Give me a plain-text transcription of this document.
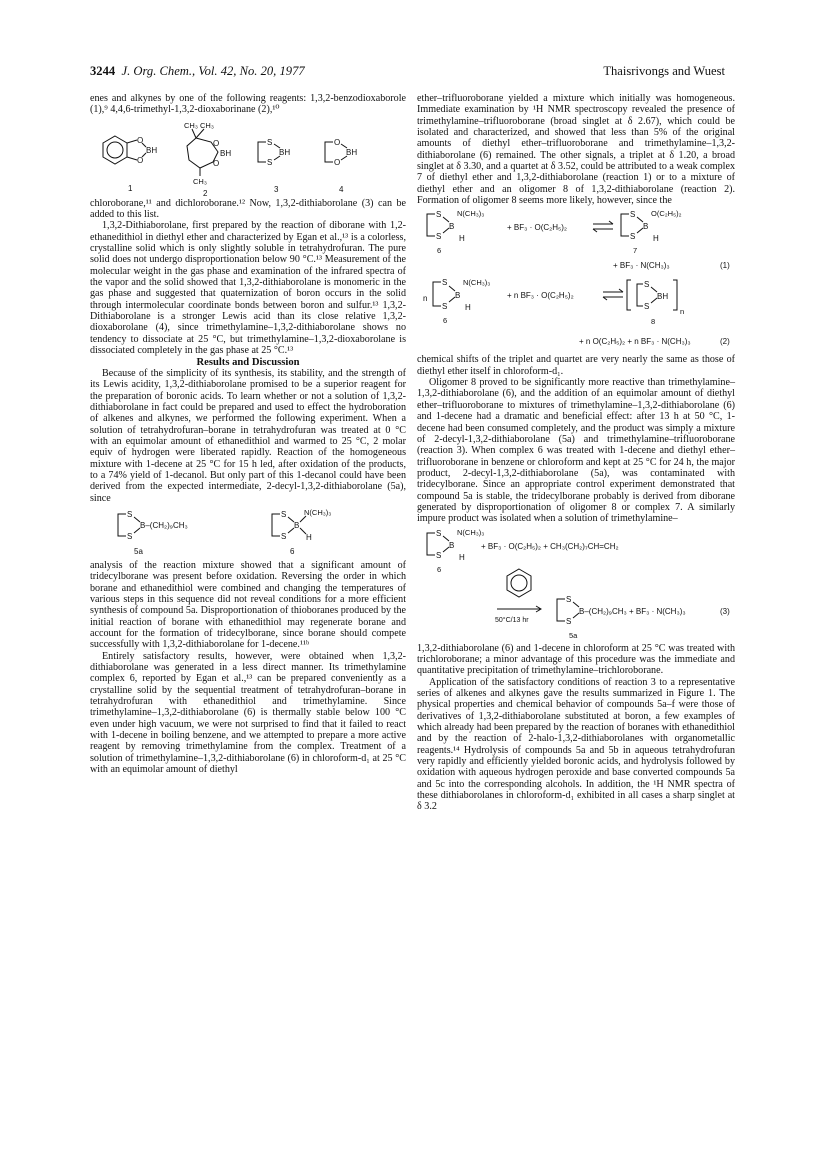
3244 J. Org. Chem., Vol. 42, No. 20, 1977	Thaisrivongs and Wuest

enes and alkynes by one of the following reagents: 1,3,2-benzodioxaborole (1),⁹ 4,4,6-trimethyl-1,3,2-dioxaborinane (2),¹⁰

O
O
BH
1
CH₃ CH₃
O
O
BH
CH₃
2
S
S
BH
3
O
O
BH
4

chloroborane,¹¹ and dichloroborane.¹² Now, 1,3,2-dithiaborolane (3) can be added to this list.

1,3,2-Dithiaborolane, first prepared by the reaction of diborane with 1,2-ethanedithiol in diethyl ether and characterized by Egan et al.,¹³ is a colorless, crystalline solid which is only slightly soluble in tetrahydrofuran. The pure solid does not undergo disproportionation below 90 °C.¹³ Measurement of the molecular weight in the gas phase and examination of the infrared spectra of the vapor and the solid showed that 1,3,2-dithiaborolane is monomeric in the gas phase and suggested that quaternization of boron occurs in the solid through intermolecular coordinate bonds between boron and sulfur.¹³ 1,3,2-Dithiaborolane is a stronger Lewis acid than its close relative 1,3,2-dioxaborolane (4), since trimethylamine–1,3,2-dithiaborolane shows no tendency to dissociate at 25 °C, but trimethylamine–1,3,2-dioxaborolane is dissociated completely in the gas phase at 25 °C.¹³

Results and Discussion

Because of the simplicity of its synthesis, its stability, and the strength of its Lewis acidity, 1,3,2-dithiaborolane promised to be a superior reagent for the preparation of boronic acids. To learn whether or not a solution of 1,3,2-dithiaborolane in fact could be prepared and used to effect the hydroboration of alkenes and alkynes, we performed the following experiment. When a solution of tetrahydrofuran–borane in tetrahydrofuran was treated at 0 °C with an equimolar amount of ethanedithiol and warmed to 25 °C, 2 molar equiv of hydrogen were liberated rapidly. Reaction of the homogeneous mixture with 1-decene at 25 °C for 15 h led, after oxidation of the products, to a 74% yield of 1-decanol. But only part of this 1-decanol could have been derived from the expected intermediate, 2-decyl-1,3,2-dithiaborolane (5a), since

S
S
B–(CH₂)₉CH₃
5a
S
S
B
N(CH₃)₃
H
6

analysis of the reaction mixture showed that a significant amount of tridecylborane was present before oxidation. Reversing the order in which borane and ethanedithiol were combined and changing the temperatures of various steps in this sequence did not reveal conditions for a more efficient synthesis of compound 5a. Disproportionation of thioboranes produced by the initial reaction of borane with ethanedithiol may regenerate borane and account for the formation of tridecylborane, since borane should compete successfully with 1,3,2-dithiaborolane for 1-decene.¹¹ᵇ

Entirely satisfactory results, however, were obtained when 1,3,2-dithiaborolane was generated in a less direct manner. Its trimethylamine complex 6, reported by Egan et al.,¹³ can be prepared conveniently as a crystalline solid by the sequential treatment of tetrahydrofuran–borane in tetrahydrofuran with ethanedithiol and trimethylamine. Since trimethylamine–1,3,2-dithiaborolane (6) is thermally stable below 100 °C even under high vacuum, we were not surprised to find that it failed to react with 1-decene in boiling benzene, and we attempted to prepare a more active reagent by removing trimethylamine from the complex. Treatment of a solution of trimethylamine–1,3,2-dithiaborolane (6) in chloroform-d₁ at 25 °C with an equimolar amount of diethyl

ether–trifluoroborane yielded a mixture which initially was homogeneous. Immediate examination by ¹H NMR spectroscopy revealed the presence of trimethylamine–trifluoroborane (broad singlet at δ 2.67), which could be isolated and characterized, and showed that less than 5% of the original amounts of diethyl ether–trifluoroborane and trimethylamine–1,3,2-dithiaborolane (6) remained. The other signals, a triplet at δ 1.20, a broad singlet at δ 3.30, and a quartet at δ 3.52, could be attributed to a weak complex 7 of diethyl ether and 1,3,2-dithiaborolane (reaction 1) or to a mixture of diethyl ether and an oligomer 8 of 1,3,2-dithiaborolane (reaction 2). Formation of oligomer 8 seems more likely, however, since the

S
S
B
N(CH₃)₃
H
6
+ BF₃ · O(C₂H₅)₂
S
S
B
O(C₂H₅)₂
H
7
+ BF₃ · N(CH₃)₃	(1)
n
S
S
B
N(CH₃)₃
H
6
+ n BF₃ · O(C₂H₅)₂
S
S
BH
n
8
+ n O(C₂H₅)₂ + n BF₃ · N(CH₃)₃	(2)

chemical shifts of the triplet and quartet are very nearly the same as those of diethyl ether itself in chloroform-d₁.

Oligomer 8 proved to be significantly more reactive than trimethylamine–1,3,2-dithiaborolane (6), and the addition of an equimolar amount of diethyl ether–trifluoroborane to mixtures of trimethylamine–1,3,2-dithiaborolane (6) and 1-decene had a dramatic and beneficial effect: after 13 h at 50 °C, 1-decene had been consumed completely, and the product was simply a mixture of 2-decyl-1,3,2-dithiaborolane (5a) and trimethylamine–trifluoroborane (reaction 3). When complex 6 was treated with 1-decene and diethyl ether–trifluoroborane in benzene or chloroform and kept at 25 °C for 24 h, the major product, 2-decyl-1,3,2-dithiaborolane (5a), was contaminated with tridecylborane. Since an appropriate control experiment demonstrated that compound 5a is stable, the tridecylborane probably is derived from diborane generated by disproportionation of oligomer 8 or complex 7. A similarly impure product was isolated when a solution of trimethylamine–

S
S
B
N(CH₃)₃
H
6
+ BF₃ · O(C₂H₅)₂ + CH₃(CH₂)₇CH=CH₂
50°C/13 hr
S
S
B–(CH₂)₉CH₃ + BF₃ · N(CH₃)₃	(3)
5a

1,3,2-dithiaborolane (6) and 1-decene in chloroform at 25 °C was treated with trichloroborane; a minor advantage of this procedure was the immediate and quantitative precipitation of trimethylamine–trichloroborane.

Application of the satisfactory conditions of reaction 3 to a representative series of alkenes and alkynes gave the results summarized in Figure 1. The physical properties and chemical behavior of compounds 5a–f were those of derivatives of 1,3,2-dithiaborolane substituted at boron, a few examples of which already had been prepared by the reaction of boranes with ethanedithiol and by the reaction of 2-halo-1,3,2-dithiaborolanes with organometallic reagents.¹⁴ Hydrolysis of compounds 5a and 5b in aqueous tetrahydrofuran very rapidly and efficiently yielded boronic acids, and hydrolysis followed by oxidation with aqueous hydrogen peroxide and base converted compounds 5a and 5c into the corresponding alcohols. In addition, the ¹H NMR spectra of these dithiaborolanes in chloroform-d₁ exhibited in all cases a sharp singlet at δ 3.2
